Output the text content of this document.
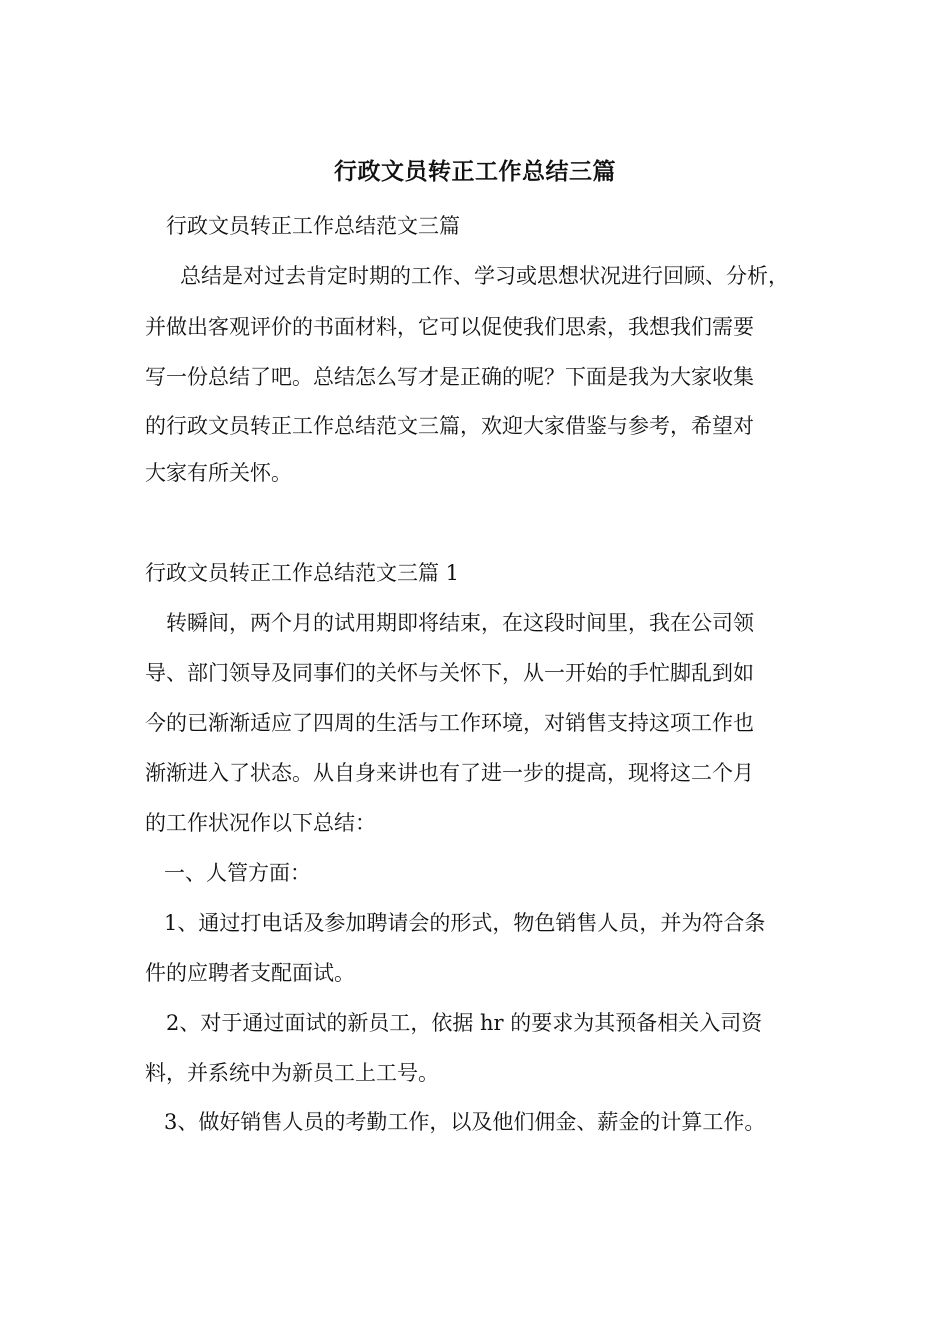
行政文员转正工作总结三篇

行政文员转正工作总结范文三篇

总结是对过去肯定时期的工作、学习或思想状况进行回顾、分析，

并做出客观评价的书面材料，它可以促使我们思索，我想我们需要

写一份总结了吧。总结怎么写才是正确的呢？下面是我为大家收集

的行政文员转正工作总结范文三篇，欢迎大家借鉴与参考，希望对

大家有所关怀。

行政文员转正工作总结范文三篇 1

转瞬间，两个月的试用期即将结束，在这段时间里，我在公司领

导、部门领导及同事们的关怀与关怀下，从一开始的手忙脚乱到如

今的已渐渐适应了四周的生活与工作环境，对销售支持这项工作也

渐渐进入了状态。从自身来讲也有了进一步的提高，现将这二个月

的工作状况作以下总结：

一、人管方面：

1、通过打电话及参加聘请会的形式，物色销售人员，并为符合条

件的应聘者支配面试。

2、对于通过面试的新员工，依据 hr 的要求为其预备相关入司资

料，并系统中为新员工上工号。

3、做好销售人员的考勤工作，以及他们佣金、薪金的计算工作。
